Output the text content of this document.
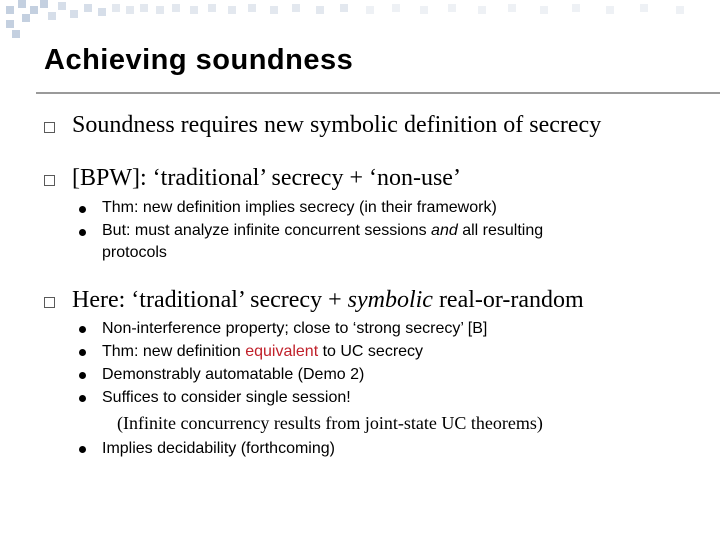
Achieving soundness

Soundness requires new symbolic definition of secrecy

[BPW]: ‘traditional’ secrecy + ‘non-use’

Thm: new definition implies secrecy (in their framework)

But: must analyze infinite concurrent sessions and all resulting

protocols

Here: ‘traditional’ secrecy + symbolic real-or-random

Non-interference property; close to ‘strong secrecy’ [B]

Thm: new definition equivalent to UC secrecy

Demonstrably automatable (Demo 2)

Suffices to consider single session!

(Infinite concurrency results from joint-state UC theorems)

Implies decidability (forthcoming)
